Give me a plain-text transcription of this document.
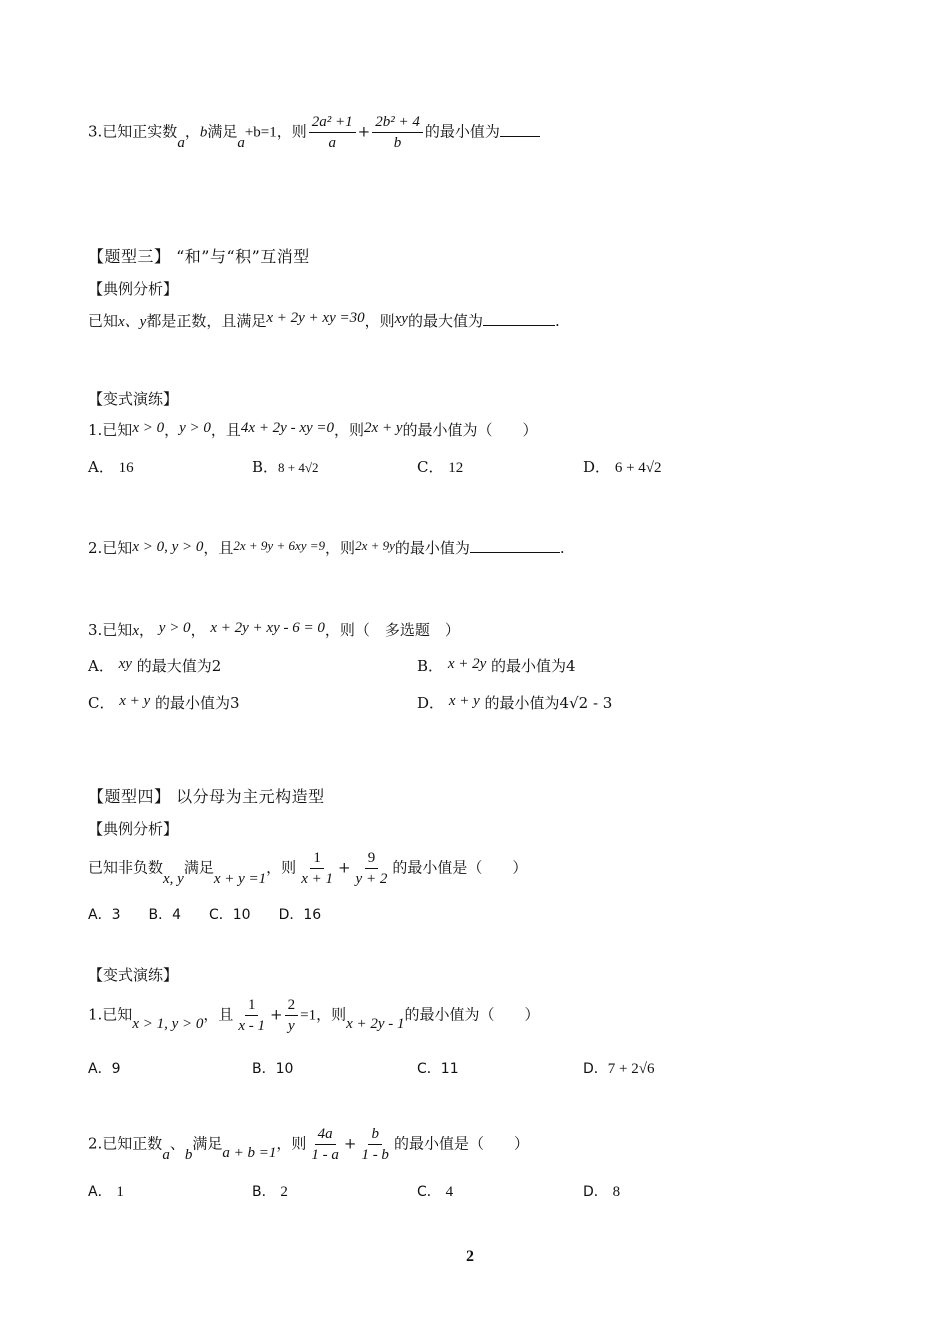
3.已知正实数a，b满足a+b=1，则 $\frac{\text{2a² +1}}{a} + \frac{\text{2b² + 4}}{b}$ 的最小值为
【题型三】 “和”与“积”互消型
【典例分析】
已知x、y都是正数，且满足x + 2y + xy =30，则xy的最大值为	.
【变式演练】
1.已知x > 0，y > 0，且4x + 2y - xy =0，则2x + y的最小值为（　　）
A． 16	B．8 + 4√2	C． 12	D． 6 + 4√2
2.已知x > 0, y > 0，且2x + 9y + 6xy =9，则2x + 9y的最小值为	.
3.已知x， y > 0， x + 2y + xy - 6 = 0，则（　多选题　）
A． xy 的最大值为2	B． x + 2y 的最小值为4
C． x + y 的最小值为3	D． x + y 的最小值为4√2 - 3
【题型四】 以分母为主元构造型
【典例分析】
已知非负数x, y满足x + y =1，则 $\frac{1}{x + 1} + \frac{9}{y + 2}$ 的最小值是（　　）
A．3　　B．4　　C．10　　D．16
【变式演练】
1.已知x > 1, y > 0，且 $\frac{1}{x - 1} + \frac{2}{y} =1$，则x + 2y - 1的最小值为（　　）
A．9	B．10	C．11	D．7 + 2√6
2.已知正数a、b满足a + b =1，则 $\frac{4a}{1 - a} + \frac{b}{1 - b}$ 的最小值是（　　）
A． 1	B． 2	C． 4	D． 8
2
